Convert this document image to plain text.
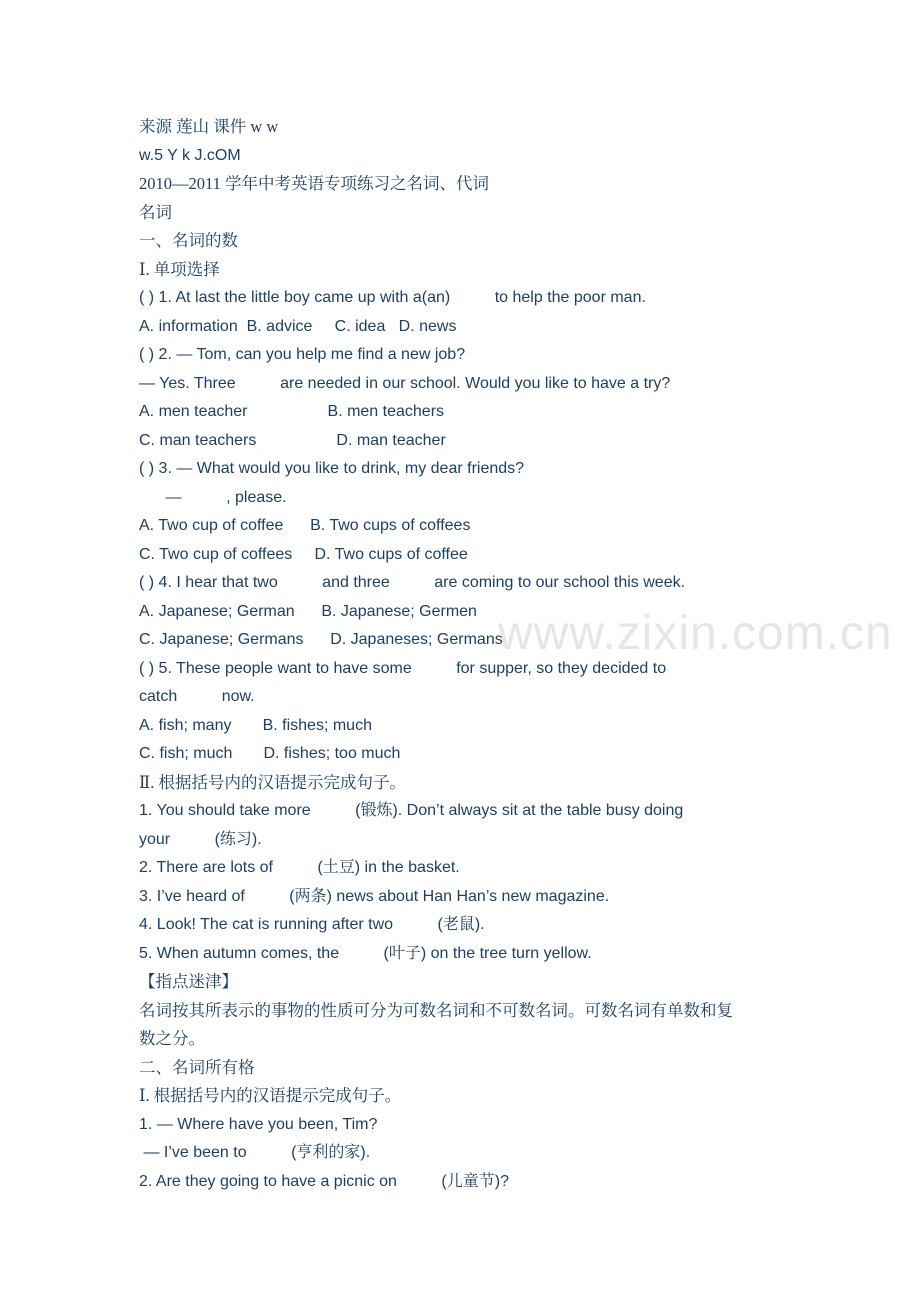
www.zixin.com.cn
来源 莲山 课件 w w
w.5 Y k J.cOM
2010—2011 学年中考英语专项练习之名词、代词
名词
一、名词的数
Ⅰ. 单项选择
( ) 1. At last the little boy came up with a(an)          to help the poor man.
A. information  B. advice     C. idea   D. news
( ) 2. — Tom, can you help me find a new job?
— Yes. Three          are needed in our school. Would you like to have a try?
A. men teacher                  B. men teachers
C. man teachers                  D. man teacher
( ) 3. — What would you like to drink, my dear friends?
—          , please.
A. Two cup of coffee      B. Two cups of coffees
C. Two cup of coffees     D. Two cups of coffee
( ) 4. I hear that two          and three          are coming to our school this week.
A. Japanese; German      B. Japanese; Germen
C. Japanese; Germans      D. Japaneses; Germans
( ) 5. These people want to have some          for supper, so they decided to
catch          now.
A. fish; many       B. fishes; much
C. fish; much       D. fishes; too much
Ⅱ. 根据括号内的汉语提示完成句子。
1. You should take more          (锻炼). Don’t always sit at the table busy doing
your          (练习).
2. There are lots of          (土豆) in the basket.
3. I’ve heard of          (两条) news about Han Han’s new magazine.
4. Look! The cat is running after two          (老鼠).
5. When autumn comes, the          (叶子) on the tree turn yellow.
【指点迷津】
名词按其所表示的事物的性质可分为可数名词和不可数名词。可数名词有单数和复
数之分。
二、名词所有格
Ⅰ. 根据括号内的汉语提示完成句子。
1. — Where have you been, Tim?
— I’ve been to          (亨利的家).
2. Are they going to have a picnic on          (儿童节)?
